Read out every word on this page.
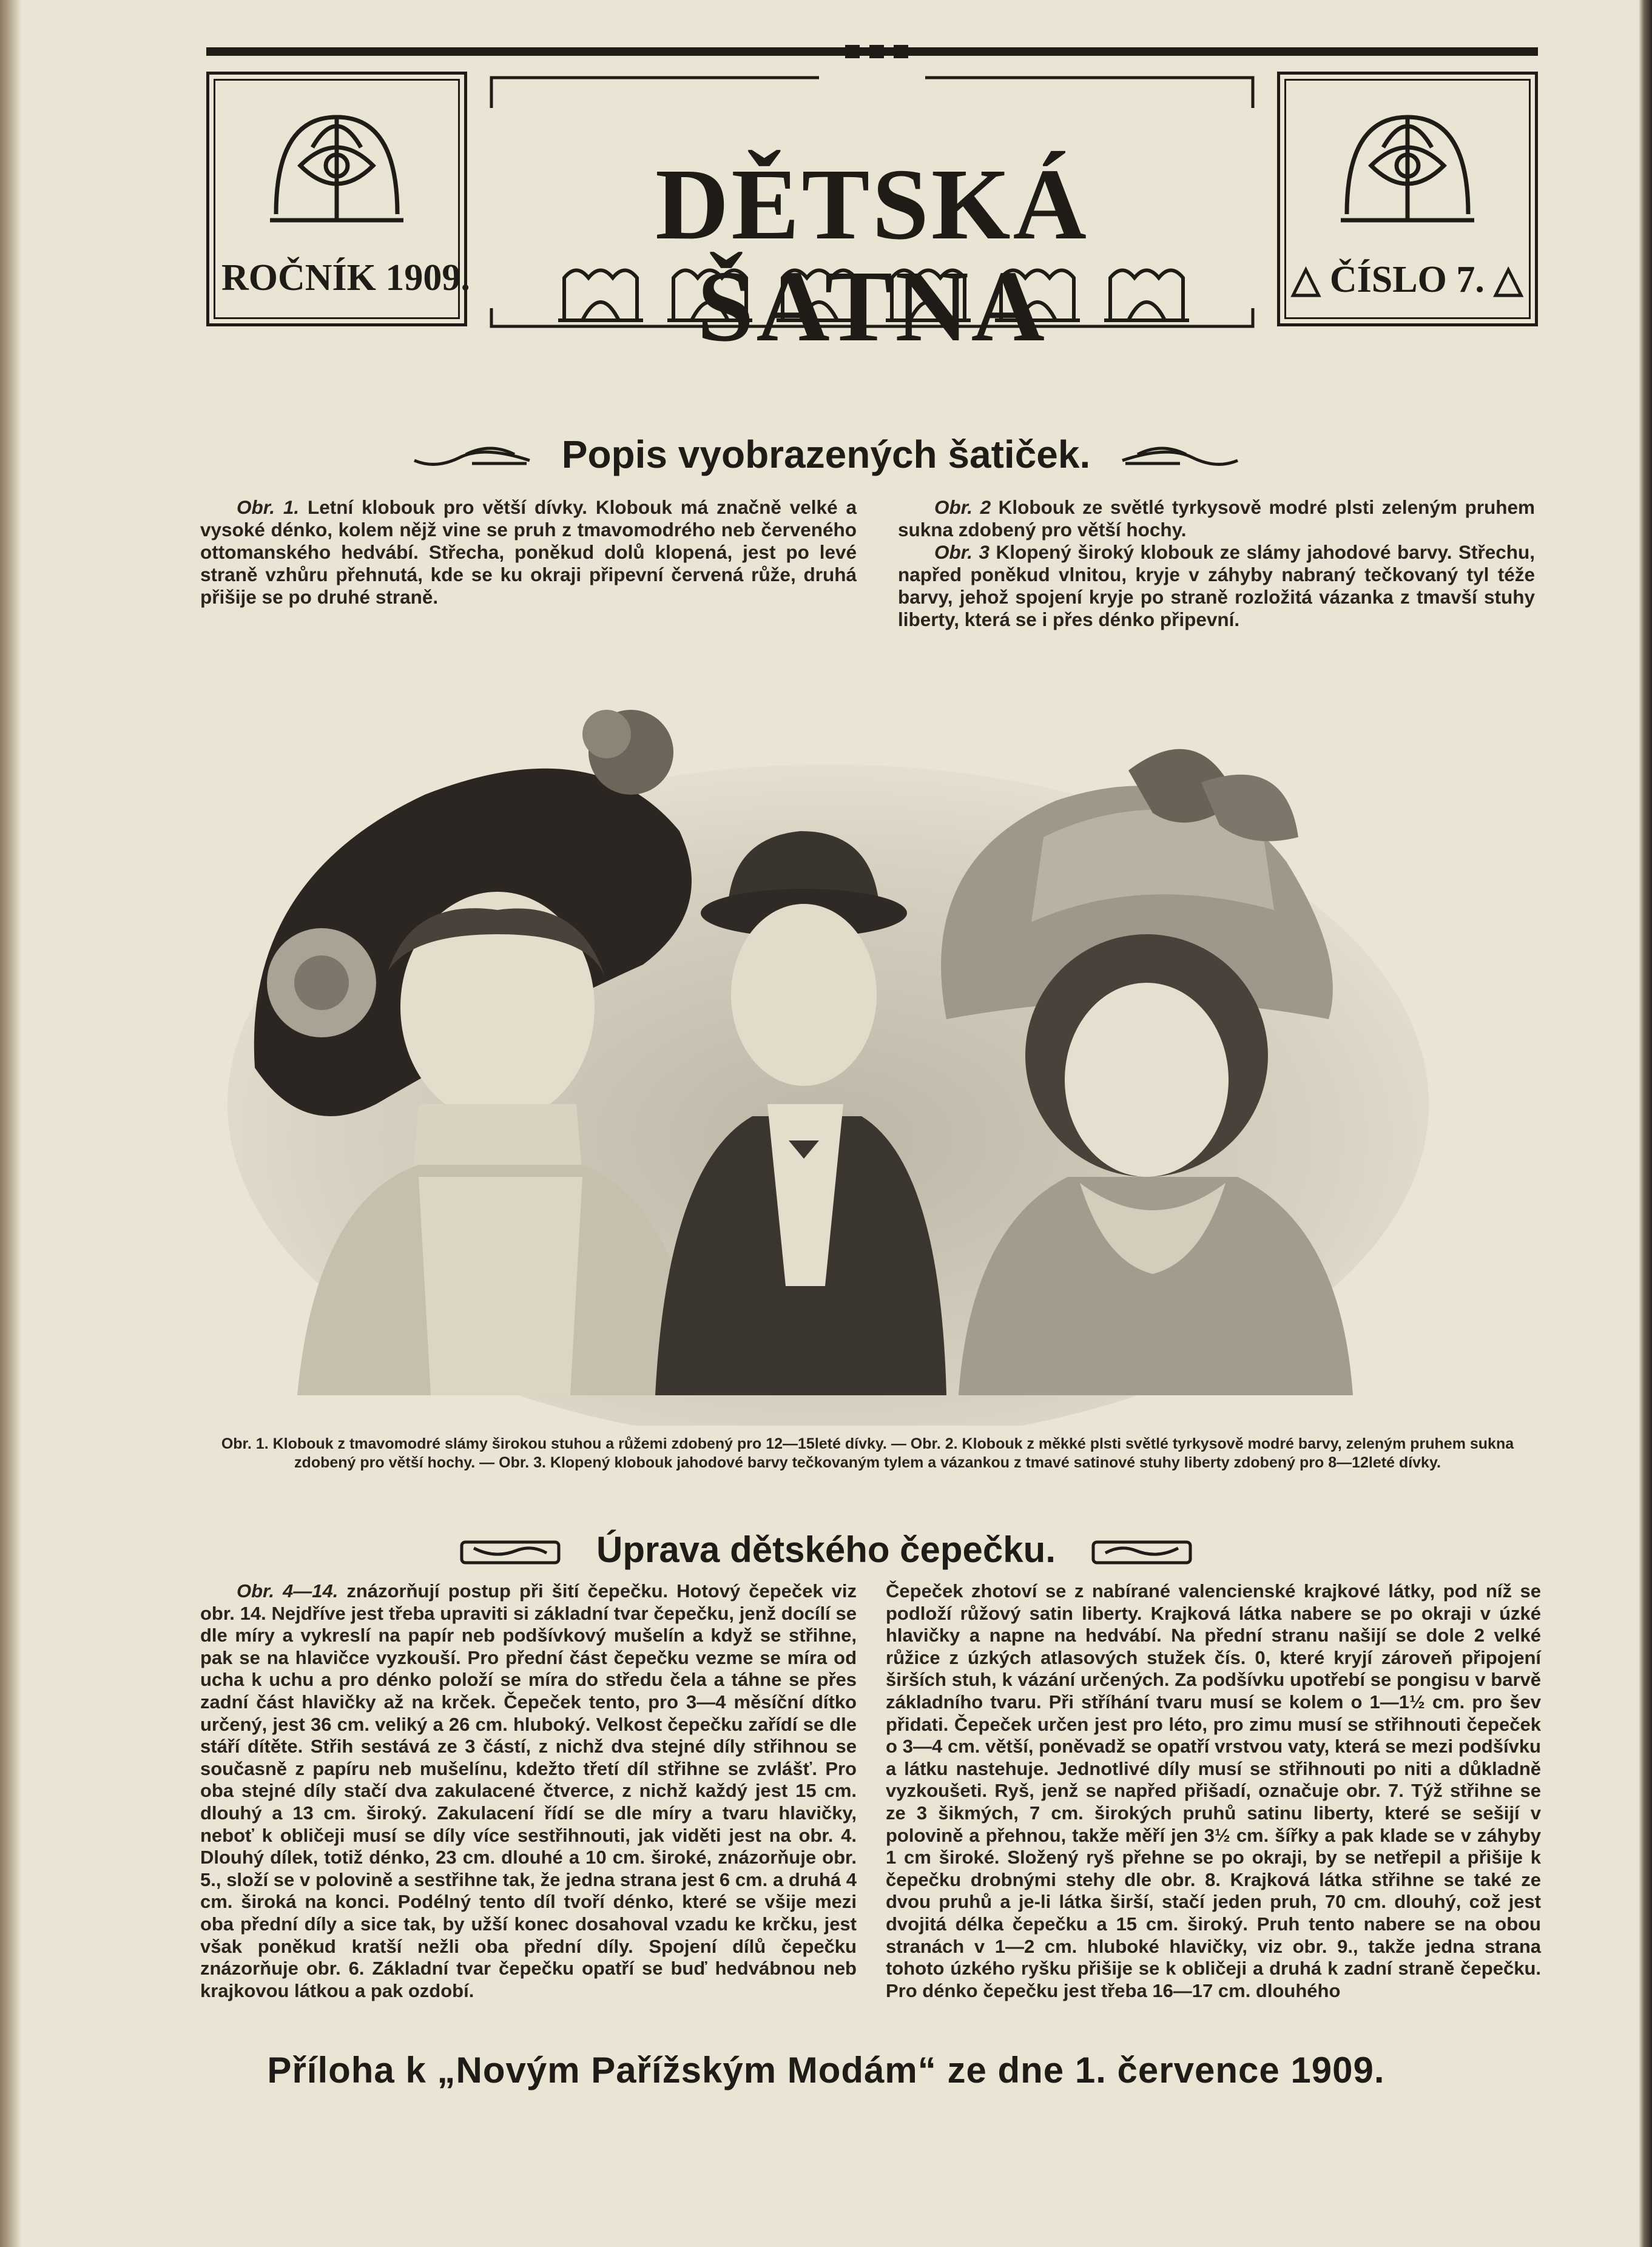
ROČNÍK 1909.
DĚTSKÁ ŠATNA	△ ČÍSLO 7. △
Popis vyobrazených šatiček.

Obr. 1. Letní klobouk pro větší dívky. Klobouk má značně velké a vysoké dénko, kolem nějž vine se pruh z tmavomodrého neb červeného ottomanského hedvábí. Střecha, poněkud dolů klopená, jest po levé straně vzhůru přehnutá, kde se ku okraji připevní červená růže, druhá přišije se po druhé straně.

Obr. 2 Klobouk ze světlé tyrkysově modré plsti zeleným pruhem sukna zdobený pro větší hochy.

Obr. 3 Klopený široký klobouk ze slámy jahodové barvy. Střechu, napřed poněkud vlnitou, kryje v záhyby nabraný tečkovaný tyl téže barvy, jehož spojení kryje po straně rozložitá vázanka z tmavší stuhy liberty, která se i přes dénko připevní.

Obr. 1. Klobouk z tmavomodré slámy širokou stuhou a růžemi zdobený pro 12—15leté dívky. — Obr. 2. Klobouk z měkké plsti světlé tyrkysově modré barvy, zeleným pruhem sukna zdobený pro větší hochy. — Obr. 3. Klopený klobouk jahodové barvy tečkovaným tylem a vázankou z tmavé satinové stuhy liberty zdobený pro 8—12leté dívky.
Úprava dětského čepečku.

Obr. 4—14. znázorňují postup při šití čepečku. Hotový čepeček viz obr. 14. Nejdříve jest třeba upraviti si základní tvar čepečku, jenž docílí se dle míry a vykreslí na papír neb podšívkový mušelín a když se střihne, pak se na hlavičce vyzkouší. Pro přední část čepečku vezme se míra od ucha k uchu a pro dénko položí se míra do středu čela a táhne se přes zadní část hlavičky až na krček. Čepeček tento, pro 3—4 měsíční dítko určený, jest 36 cm. veliký a 26 cm. hluboký. Velkost čepečku zařídí se dle stáří dítěte. Střih sestává ze 3 částí, z nichž dva stejné díly střihnou se současně z papíru neb mušelínu, kdežto třetí díl střihne se zvlášť. Pro oba stejné díly stačí dva zakulacené čtverce, z nichž každý jest 15 cm. dlouhý a 13 cm. široký. Zakulacení řídí se dle míry a tvaru hlavičky, neboť k obličeji musí se díly více sestřihnouti, jak viděti jest na obr. 4. Dlouhý dílek, totiž dénko, 23 cm. dlouhé a 10 cm. široké, znázorňuje obr. 5., složí se v polovině a sestřihne tak, že jedna strana jest 6 cm. a druhá 4 cm. široká na konci. Podélný tento díl tvoří dénko, které se všije mezi oba přední díly a sice tak, by užší konec dosahoval vzadu ke krčku, jest však poněkud kratší nežli oba přední díly. Spojení dílů čepečku znázorňuje obr. 6. Základní tvar čepečku opatří se buď hedvábnou neb krajkovou látkou a pak ozdobí.

Čepeček zhotoví se z nabírané valencienské krajkové látky, pod níž se podloží růžový satin liberty. Krajková látka nabere se po okraji v úzké hlavičky a napne na hedvábí. Na přední stranu našijí se dole 2 velké růžice z úzkých atlasových stužek čís. 0, které kryjí zároveň připojení širších stuh, k vázání určených. Za podšívku upotřebí se pongisu v barvě základního tvaru. Při stříhání tvaru musí se kolem o 1—1½ cm. pro šev přidati. Čepeček určen jest pro léto, pro zimu musí se střihnouti čepeček o 3—4 cm. větší, poněvadž se opatří vrstvou vaty, která se mezi podšívku a látku nastehuje. Jednotlivé díly musí se střihnouti po niti a důkladně vyzkoušeti. Ryš, jenž se napřed přišadí, označuje obr. 7. Týž střihne se ze 3 šikmých, 7 cm. širokých pruhů satinu liberty, které se sešijí v polovině a přehnou, takže měří jen 3½ cm. šířky a pak klade se v záhyby 1 cm široké. Složený ryš přehne se po okraji, by se netřepil a přišije k čepečku drobnými stehy dle obr. 8. Krajková látka střihne se také ze dvou pruhů a je-li látka širší, stačí jeden pruh, 70 cm. dlouhý, což jest dvojitá délka čepečku a 15 cm. široký. Pruh tento nabere se na obou stranách v 1—2 cm. hluboké hlavičky, viz obr. 9., takže jedna strana tohoto úzkého ryšku přišije se k obličeji a druhá k zadní straně čepečku. Pro dénko čepečku jest třeba 16—17 cm. dlouhého

Příloha k „Novým Pařížským Modám“ ze dne 1. července 1909.
